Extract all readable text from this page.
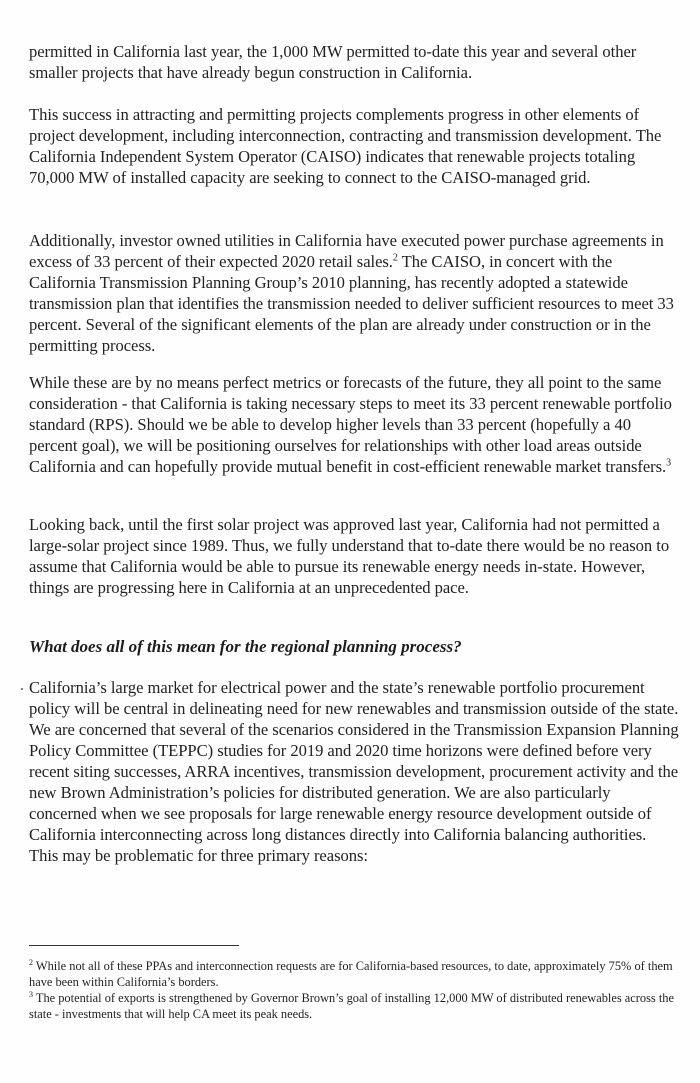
permitted in California last year, the 1,000 MW permitted to-date this year and several other smaller projects that have already begun construction in California.

This success in attracting and permitting projects complements progress in other elements of project development, including interconnection, contracting and transmission development. The California Independent System Operator (CAISO) indicates that renewable projects totaling 70,000 MW of installed capacity are seeking to connect to the CAISO-managed grid.

Additionally, investor owned utilities in California have executed power purchase agreements in excess of 33 percent of their expected 2020 retail sales.$^2$ The CAISO, in concert with the California Transmission Planning Group’s 2010 planning, has recently adopted a statewide transmission plan that identifies the transmission needed to deliver sufficient resources to meet 33 percent. Several of the significant elements of the plan are already under construction or in the permitting process.

While these are by no means perfect metrics or forecasts of the future, they all point to the same consideration - that California is taking necessary steps to meet its 33 percent renewable portfolio standard (RPS). Should we be able to develop higher levels than 33 percent (hopefully a 40 percent goal), we will be positioning ourselves for relationships with other load areas outside California and can hopefully provide mutual benefit in cost-efficient renewable market transfers.$^3$

Looking back, until the first solar project was approved last year, California had not permitted a large-solar project since 1989. Thus, we fully understand that to-date there would be no reason to assume that California would be able to pursue its renewable energy needs in-state. However, things are progressing here in California at an unprecedented pace.

What does all of this mean for the regional planning process?

California’s large market for electrical power and the state’s renewable portfolio procurement policy will be central in delineating need for new renewables and transmission outside of the state. We are concerned that several of the scenarios considered in the Transmission Expansion Planning Policy Committee (TEPPC) studies for 2019 and 2020 time horizons were defined before very recent siting successes, ARRA incentives, transmission development, procurement activity and the new Brown Administration’s policies for distributed generation. We are also particularly concerned when we see proposals for large renewable energy resource development outside of California interconnecting across long distances directly into California balancing authorities. This may be problematic for three primary reasons:

$^2$ While not all of these PPAs and interconnection requests are for California-based resources, to date, approximately 75% of them have been within California’s borders.

$^3$ The potential of exports is strengthened by Governor Brown’s goal of installing 12,000 MW of distributed renewables across the state - investments that will help CA meet its peak needs.
